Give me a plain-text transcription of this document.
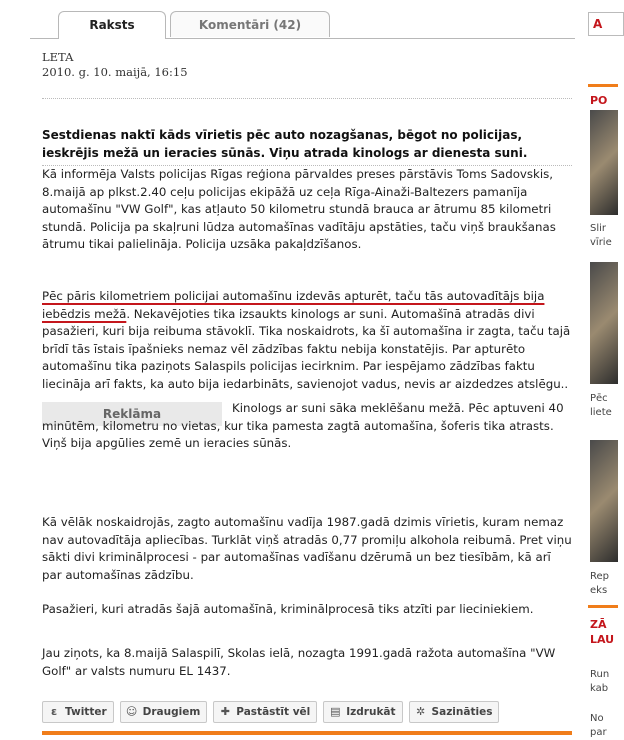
Raksts	Komentāri (42)
LETA
2010. g. 10. maijā, 16:15
Sestdienas naktī kāds vīrietis pēc auto nozagšanas, bēgot no policijas, ieskrējis mežā un ieracies sūnās. Viņu atrada kinologs ar dienesta suni.

Kā informēja Valsts policijas Rīgas reģiona pārvaldes preses pārstāvis Toms Sadovskis, 8.maijā ap plkst.2.40 ceļu policijas ekipāžā uz ceļa Rīga-Ainaži-Baltezers pamanīja automašīnu "VW Golf", kas atļauto 50 kilometru stundā brauca ar ātrumu 85 kilometri stundā. Policija pa skaļruni lūdza automašīnas vadītāju apstāties, taču viņš braukšanas ātrumu tikai palielināja. Policija uzsāka pakaļdzīšanos.

Pēc pāris kilometriem policijai automašīnu izdevās apturēt, taču tās autovadītājs bija iebēdzis mežā. Nekavējoties tika izsaukts kinologs ar suni. Automašīnā atradās divi pasažieri, kuri bija reibuma stāvoklī. Tika noskaidrots, ka šī automašīna ir zagta, taču tajā brīdī tās īstais īpašnieks nemaz vēl zādzības faktu nebija konstatējis. Par apturēto automašīnu tika paziņots Salaspils policijas iecirknim. Par iespējamo zādzības faktu liecināja arī fakts, ka auto bija iedarbināts, savienojot vadus, nevis ar aizdedzes atslēgu..

Reklāma	Kinologs ar suni sāka meklēšanu mežā. Pēc aptuveni 40 minūtēm, kilometru no vietas, kur tika pamesta zagtā automašīna, šoferis tika atrasts. Viņš bija apgūlies zemē un ieracies sūnās.

Kā vēlāk noskaidrojās, zagto automašīnu vadīja 1987.gadā dzimis vīrietis, kuram nemaz nav autovadītāja apliecības. Turklāt viņš atradās 0,77 promiļu alkohola reibumā. Pret viņu sākti divi kriminālprocesi - par automašīnas vadīšanu dzērumā un bez tiesībām, kā arī par automašīnas zādzību.

Pasažieri, kuri atradās šajā automašīnā, kriminālprocesā tiks atzīti par lieciniekiem.

Jau ziņots, ka 8.maijā Salaspilī, Skolas ielā, nozagta 1991.gadā ražota automašīna "VW Golf" ar valsts numuru EL 1437.

ε Twitter ☺ Draugiem ✚ Pastāstīt vēl ▤ Izdrukāt ✲ Sazināties
A
PO
Slir
vīrie
Pēc
liete
Rep
eks
ZĀ
LAU
Run
kab
No
par
